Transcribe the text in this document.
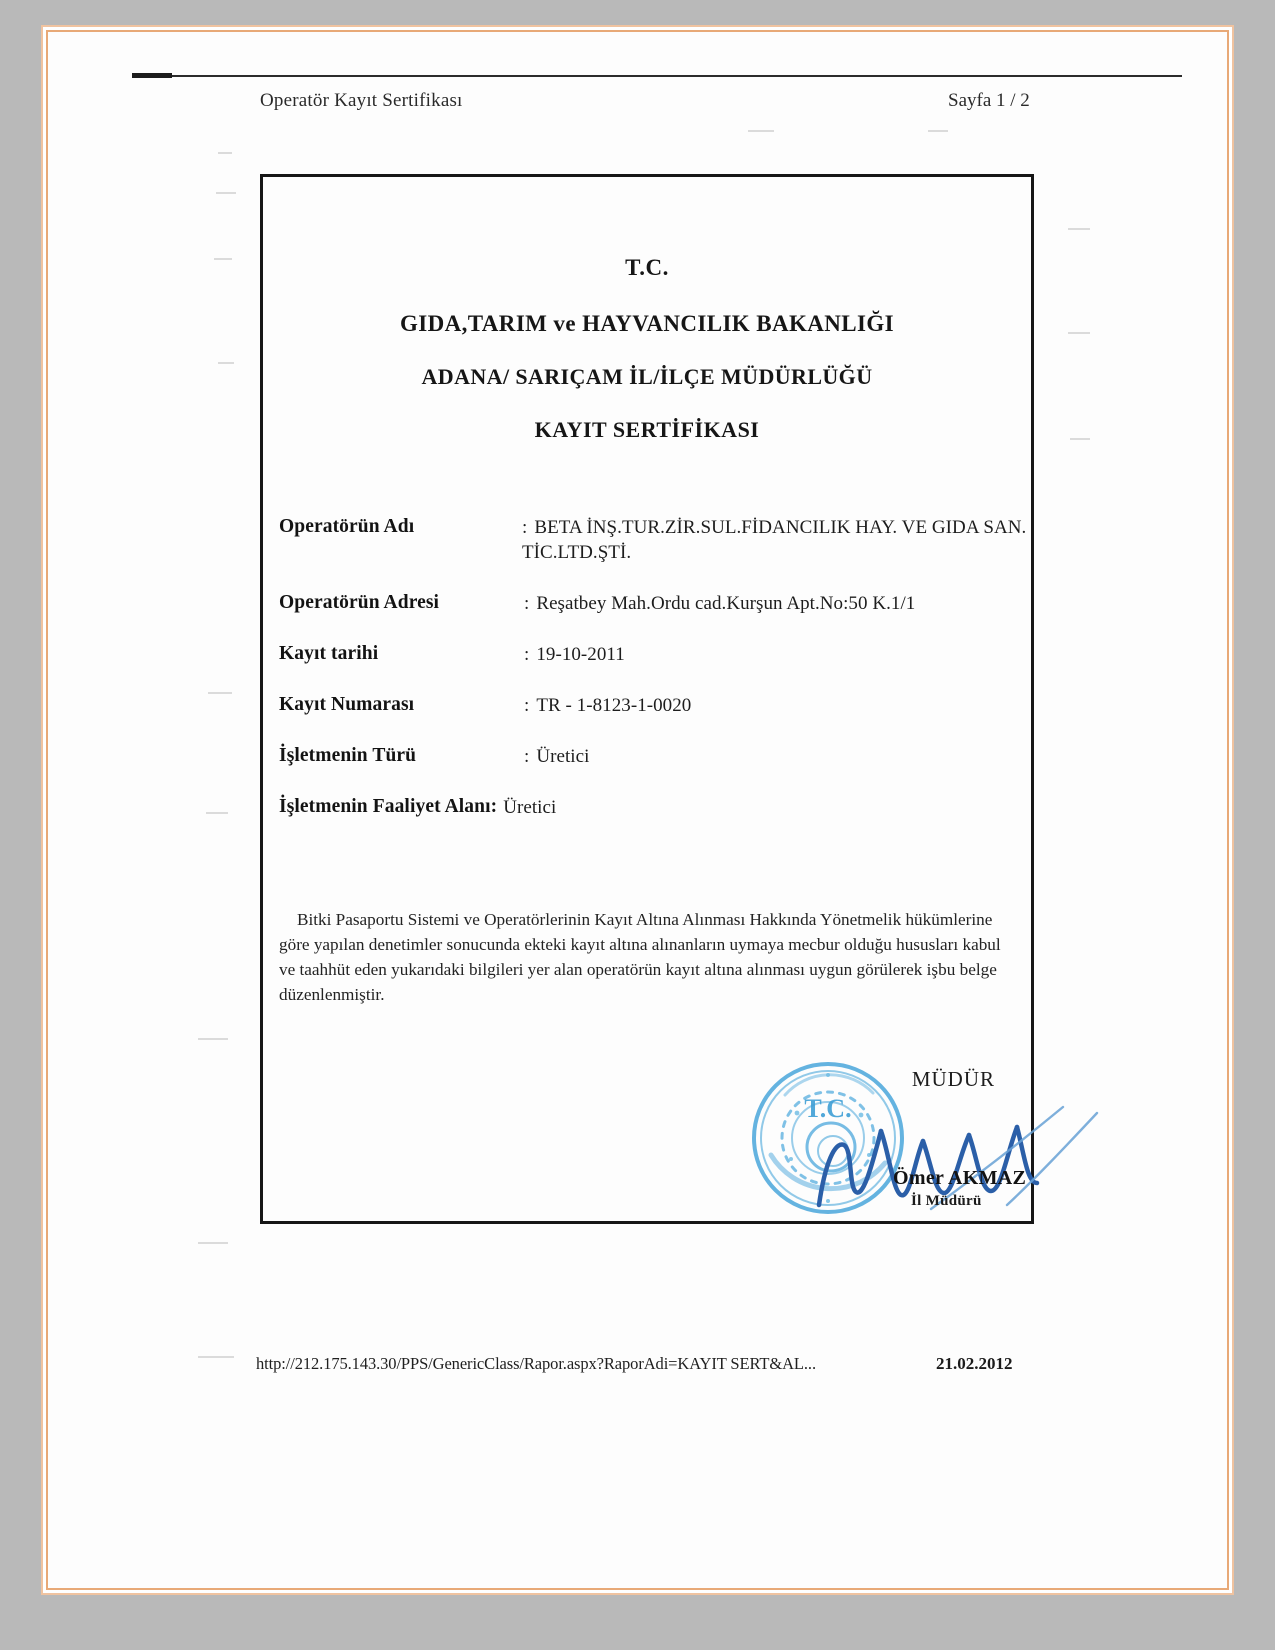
Operatör Kayıt Sertifikası	Sayfa 1 / 2
T.C.
GIDA,TARIM ve HAYVANCILIK BAKANLIĞI
ADANA/ SARIÇAM İL/İLÇE MÜDÜRLÜĞÜ
KAYIT SERTİFİKASI
Operatörün Adı	: BETA İNŞ.TUR.ZİR.SUL.FİDANCILIK HAY. VE GIDA SAN. TİC.LTD.ŞTİ.
Operatörün Adresi	: Reşatbey Mah.Ordu cad.Kurşun Apt.No:50 K.1/1
Kayıt tarihi	: 19-10-2011
Kayıt Numarası	: TR - 1-8123-1-0020
İşletmenin Türü	: Üretici
İşletmenin Faaliyet Alanı: Üretici
Bitki Pasaportu Sistemi ve Operatörlerinin Kayıt Altına Alınması Hakkında Yönetmelik hükümlerine göre yapılan denetimler sonucunda ekteki kayıt altına alınanların uymaya mecbur olduğu hususları kabul ve taahhüt eden yukarıdaki bilgileri yer alan operatörün kayıt altına alınması uygun görülerek işbu belge düzenlenmiştir.
MÜDÜR
T.C.
Ömer AKMAZ
İl Müdürü
http://212.175.143.30/PPS/GenericClass/Rapor.aspx?RaporAdi=KAYIT SERT&AL...	21.02.2012
